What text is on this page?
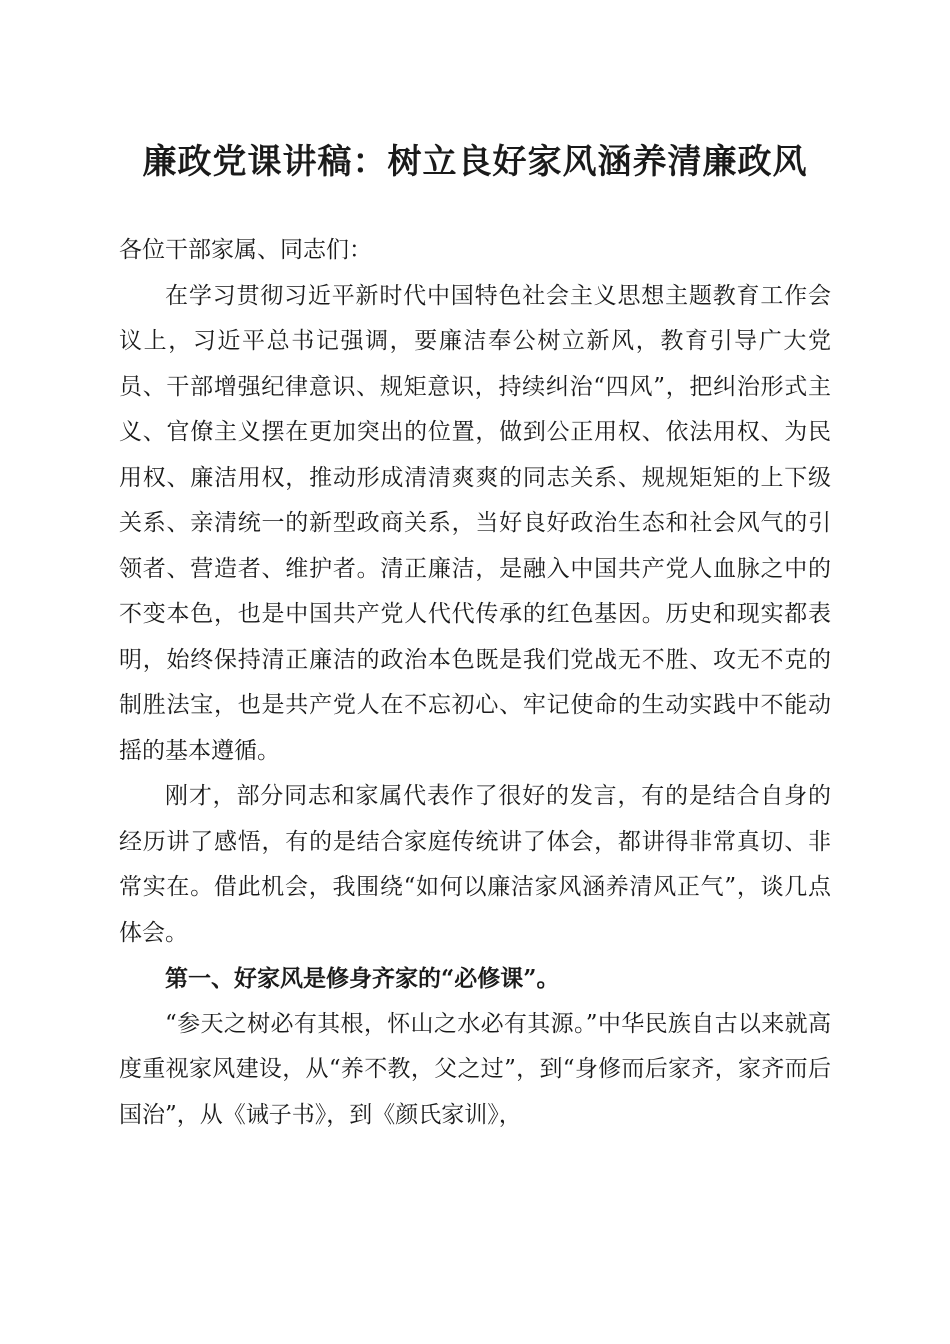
廉政党课讲稿：树立良好家风涵养清廉政风

各位干部家属、同志们：

在学习贯彻习近平新时代中国特色社会主义思想主题教育工作会议上，习近平总书记强调，要廉洁奉公树立新风，教育引导广大党员、干部增强纪律意识、规矩意识，持续纠治“四风”，把纠治形式主义、官僚主义摆在更加突出的位置，做到公正用权、依法用权、为民用权、廉洁用权，推动形成清清爽爽的同志关系、规规矩矩的上下级关系、亲清统一的新型政商关系，当好良好政治生态和社会风气的引领者、营造者、维护者。清正廉洁，是融入中国共产党人血脉之中的不变本色，也是中国共产党人代代传承的红色基因。历史和现实都表明，始终保持清正廉洁的政治本色既是我们党战无不胜、攻无不克的制胜法宝，也是共产党人在不忘初心、牢记使命的生动实践中不能动摇的基本遵循。

刚才，部分同志和家属代表作了很好的发言，有的是结合自身的经历讲了感悟，有的是结合家庭传统讲了体会，都讲得非常真切、非常实在。借此机会，我围绕“如何以廉洁家风涵养清风正气”，谈几点体会。

第一、好家风是修身齐家的“必修课”。

“参天之树必有其根，怀山之水必有其源。”中华民族自古以来就高度重视家风建设，从“养不教，父之过”，到“身修而后家齐，家齐而后国治”，从《诫子书》，到《颜氏家训》，
